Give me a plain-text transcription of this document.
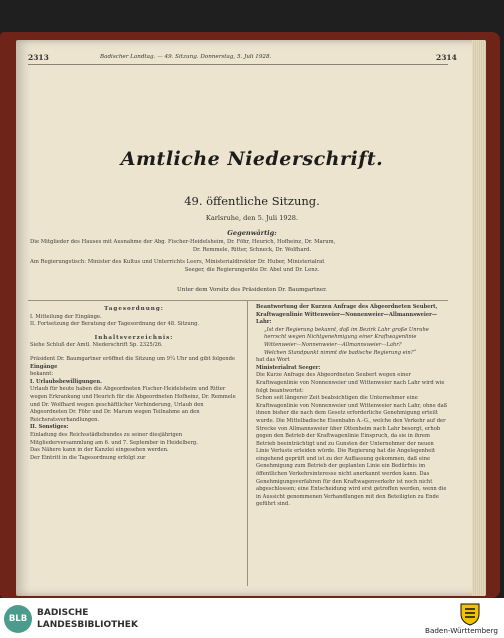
2313	Badischer Landtag. — 49. Sitzung. Donnerstag, 5. Juli 1928.	2314
Amtliche Niederschrift.
49. öffentliche Sitzung.
Karlsruhe, den 5. Juli 1928.
Gegenwärtig:
Die Mitglieder des Hauses mit Ausnahme der Abg. Fischer-Heidelsheim, Dr. Föhr, Heurich, Hofheinz, Dr. Marum,
Dr. Remmele, Ritter, Schneck, Dr. Wolfhard.
Am Regierungstisch: Minister des Kultus und Unterrichts Leers, Ministerialdirektor Dr. Huber, Ministerialrat
Seeger, die Regierungsräte Dr. Abel und Dr. Lenz.
Unter dem Vorsitz des Präsidenten Dr. Baumgartner.

Tagesordnung:

I. Mitteilung der Eingänge.

II. Fortsetzung der Beratung der Tagesordnung der 48. Sitzung.

Inhaltsverzeichnis:

Siehe Schluß der Amtl. Niederschrift Sp. 2325/26.

Präsident Dr. Baumgartner eröffnet die Sitzung um 9¼ Uhr und gibt folgende

Eingänge

bekannt:

I. Urlaubsbewilligungen.

Urlaub für heute haben die Abgeordneten Fischer-Heidelsheim und Ritter wegen Erkrankung und Heurich für die Abgeordneten Hofheinz, Dr. Remmele und Dr. Wolfhard wegen geschäftlicher Verhinderung, Urlaub den Abgeordneten Dr. Föhr und Dr. Marum wegen Teilnahme an den Reichsratsverhandlungen.

II. Sonstiges:

Einladung des Reichsstädtebundes zu seiner diesjährigen Mitgliederversammlung am 6. und 7. September in Heidelberg.

Das Nähere kann in der Kanzlei eingesehen werden.

Der Eintritt in die Tagesordnung erfolgt zur

Beantwortung der Kurzen Anfrage des Abgeordneten Seubert, Kraftwagenlinie Wittenweier—Nonnenweier—Allmannsweier—Lahr:

„Ist der Regierung bekannt, daß im Bezirk Lahr große Unruhe herrscht wegen Nichtgenehmigung einer Kraftwagenlinie Wittenweier—Nonnenweier—Allmannsweier—Lahr?

Welchen Standpunkt nimmt die badische Regierung ein?“

hat das Wort

Ministerialrat Seeger:

Die Kurze Anfrage des Abgeordneten Seubert wegen einer Kraftwagenlinie von Nonnenweier und Wittenweier nach Lahr wird wie folgt beantwortet:

Schon seit längerer Zeit beabsichtigen die Unternehmer eine Kraftwagenlinie von Nonnenweier und Wittenweier nach Lahr, ohne daß ihnen bisher die nach dem Gesetz erforderliche Genehmigung erteilt wurde. Die Mittelbadische Eisenbahn A.-G., welche den Verkehr auf der Strecke von Allmannsweier über Ottenheim nach Lahr besorgt, erhob gegen den Betrieb der Kraftwagenlinie Einspruch, da sie in ihrem Betrieb beeinträchtigt und zu Gunsten der Unternehmer der neuen Linie Verluste erleiden würde. Die Regierung hat die Angelegenheit eingehend geprüft und ist zu der Auffassung gekommen, daß eine Genehmigung zum Betrieb der geplanten Linie ein Bedürfnis im öffentlichen Verkehrsinteresse nicht anerkannt werden kann. Das Genehmigungsverfahren für den Kraftwagenverkehr ist noch nicht abgeschlossen; eine Entscheidung wird erst getroffen werden, wenn die in Aussicht genommenen Verhandlungen mit den Beteiligten zu Ende geführt sind.

BLB
BADISCHE
LANDESBIBLIOTHEK
Baden-Württemberg
